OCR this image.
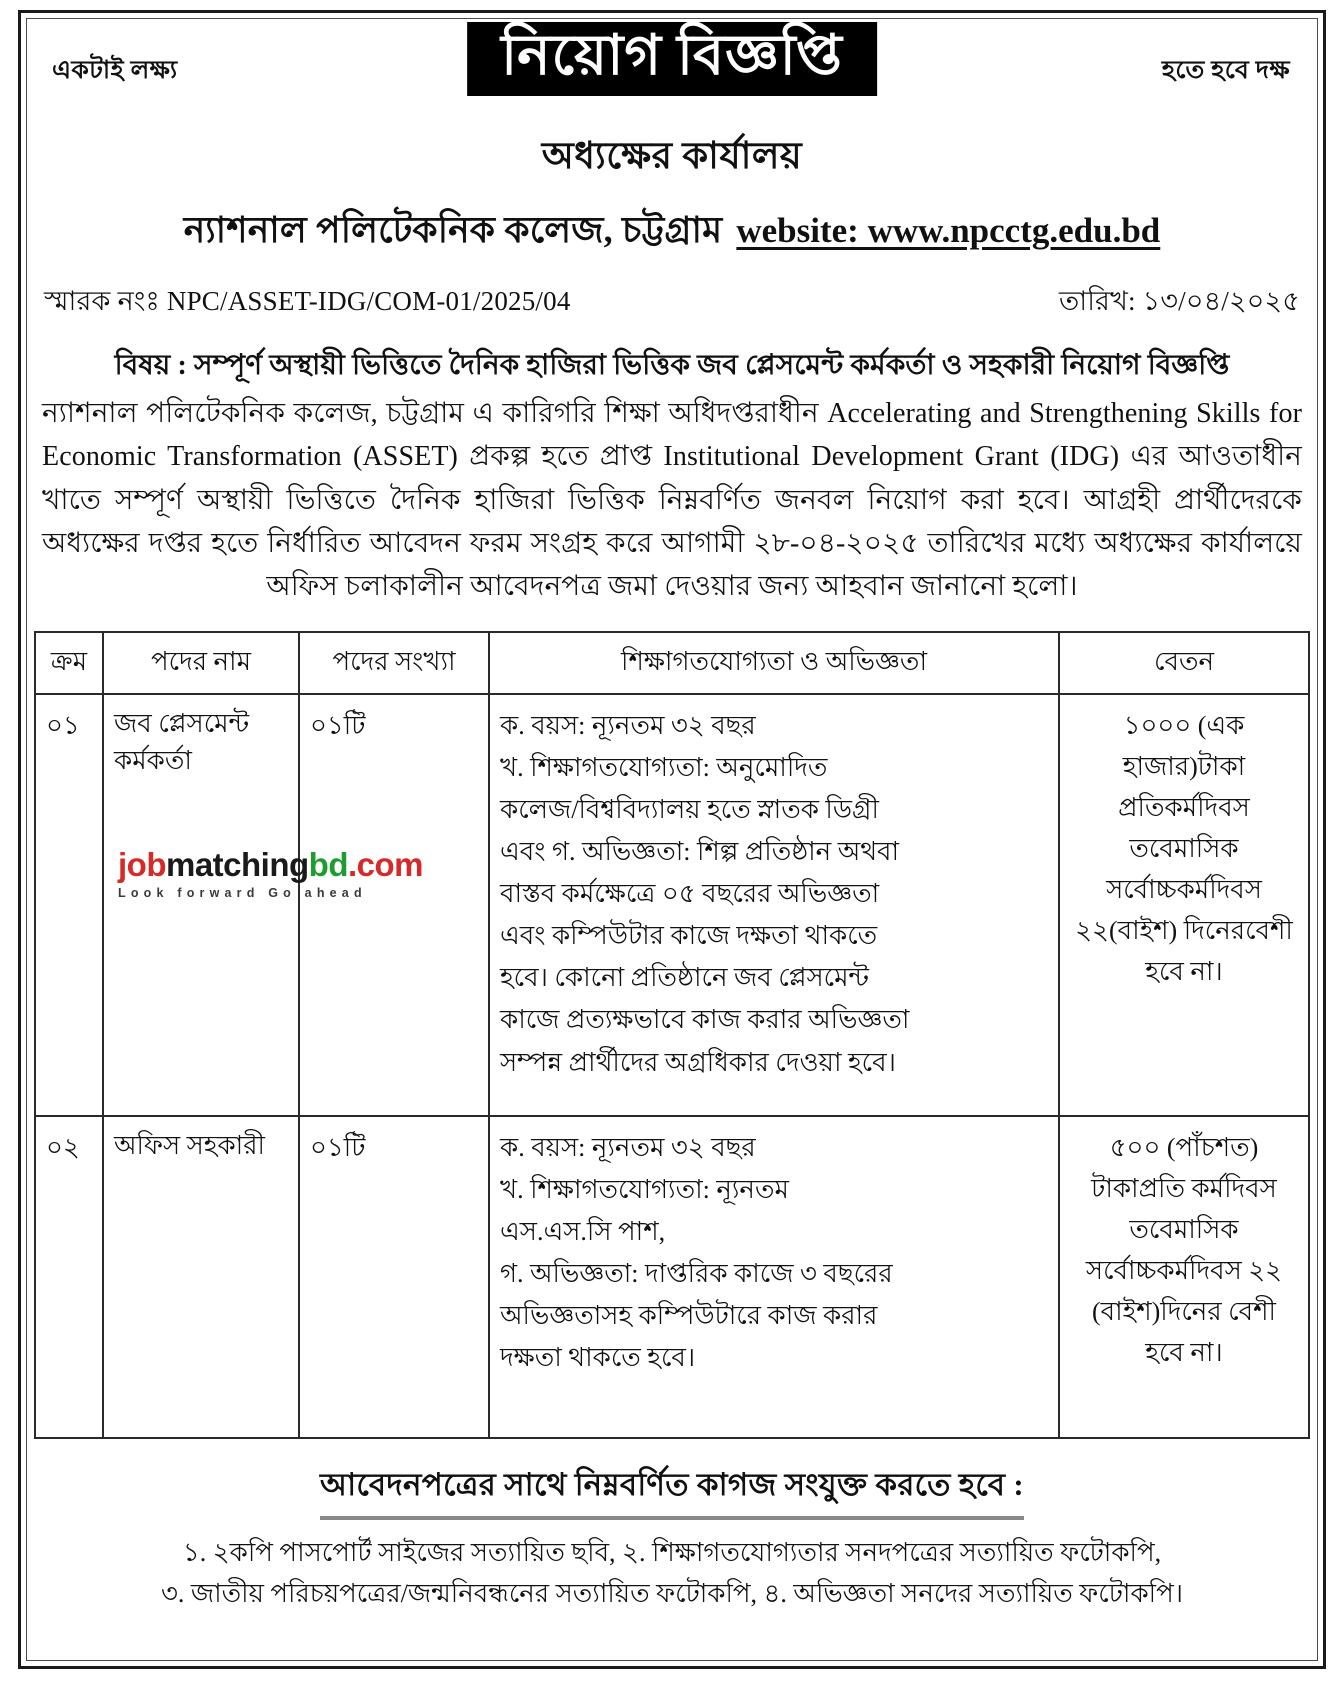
একটাই লক্ষ্য	নিয়োগ বিজ্ঞপ্তি	হতে হবে দক্ষ
অধ্যক্ষের কার্যালয়
ন্যাশনাল পলিটেকনিক কলেজ, চট্টগ্রাম website: www.npcctg.edu.bd
স্মারক নংঃ NPC/ASSET-IDG/COM-01/2025/04	তারিখ: ১৩/০৪/২০২৫
বিষয় : সম্পূর্ণ অস্থায়ী ভিত্তিতে দৈনিক হাজিরা ভিত্তিক জব প্লেসমেন্ট কর্মকর্তা ও সহকারী নিয়োগ বিজ্ঞপ্তি
ন্যাশনাল পলিটেকনিক কলেজ, চট্টগ্রাম এ কারিগরি শিক্ষা অধিদপ্তরাধীন Accelerating and Strengthening Skills for Economic Transformation (ASSET) প্রকল্প হতে প্রাপ্ত Institutional Development Grant (IDG) এর আওতাধীন খাতে সম্পূর্ণ অস্থায়ী ভিত্তিতে দৈনিক হাজিরা ভিত্তিক নিম্নবর্ণিত জনবল নিয়োগ করা হবে। আগ্রহী প্রার্থীদেরকে অধ্যক্ষের দপ্তর হতে নির্ধারিত আবেদন ফরম সংগ্রহ করে আগামী ২৮-০৪-২০২৫ তারিখের মধ্যে অধ্যক্ষের কার্যালয়ে অফিস চলাকালীন আবেদনপত্র জমা দেওয়ার জন্য আহবান জানানো হলো।
ক্রম	পদের নাম	পদের সংখ্যা	শিক্ষাগতযোগ্যতা ও অভিজ্ঞতা	বেতন
০১	জব প্লেসমেন্ট কর্মকর্তা	০১টি	ক. বয়স: ন্যূনতম ৩২ বছর
খ. শিক্ষাগতযোগ্যতা: অনুমোদিত
কলেজ/বিশ্ববিদ্যালয় হতে স্নাতক ডিগ্রী
এবং গ. অভিজ্ঞতা: শিল্প প্রতিষ্ঠান অথবা
বাস্তব কর্মক্ষেত্রে ০৫ বছরের অভিজ্ঞতা
এবং কম্পিউটার কাজে দক্ষতা থাকতে
হবে। কোনো প্রতিষ্ঠানে জব প্লেসমেন্ট
কাজে প্রত্যক্ষভাবে কাজ করার অভিজ্ঞতা
সম্পন্ন প্রার্থীদের অগ্রধিকার দেওয়া হবে।
	১০০০ (এক হাজার)টাকা প্রতিকর্মদিবস তবেমাসিক সর্বোচ্চকর্মদিবস ২২(বাইশ) দিনেরবেশী হবে না।
০২	অফিস সহকারী	০১টি	ক. বয়স: ন্যূনতম ৩২ বছর
খ. শিক্ষাগতযোগ্যতা: ন্যূনতম
এস.এস.সি পাশ,
গ. অভিজ্ঞতা: দাপ্তরিক কাজে ৩ বছরের
অভিজ্ঞতাসহ কম্পিউটারে কাজ করার
দক্ষতা থাকতে হবে।
	৫০০ (পাঁচশত) টাকাপ্রতি কর্মদিবস তবেমাসিক সর্বোচ্চকর্মদিবস ২২ (বাইশ)দিনের বেশী হবে না।
আবেদনপত্রের সাথে নিম্নবর্ণিত কাগজ সংযুক্ত করতে হবে :
১. ২কপি পাসপোর্ট সাইজের সত্যায়িত ছবি, ২. শিক্ষাগতযোগ্যতার সনদপত্রের সত্যায়িত ফটোকপি,
৩. জাতীয় পরিচয়পত্রের/জন্মনিবন্ধনের সত্যায়িত ফটোকপি, ৪. অভিজ্ঞতা সনদের সত্যায়িত ফটোকপি।
jobmatchingbd.com
Look forward Go ahead
